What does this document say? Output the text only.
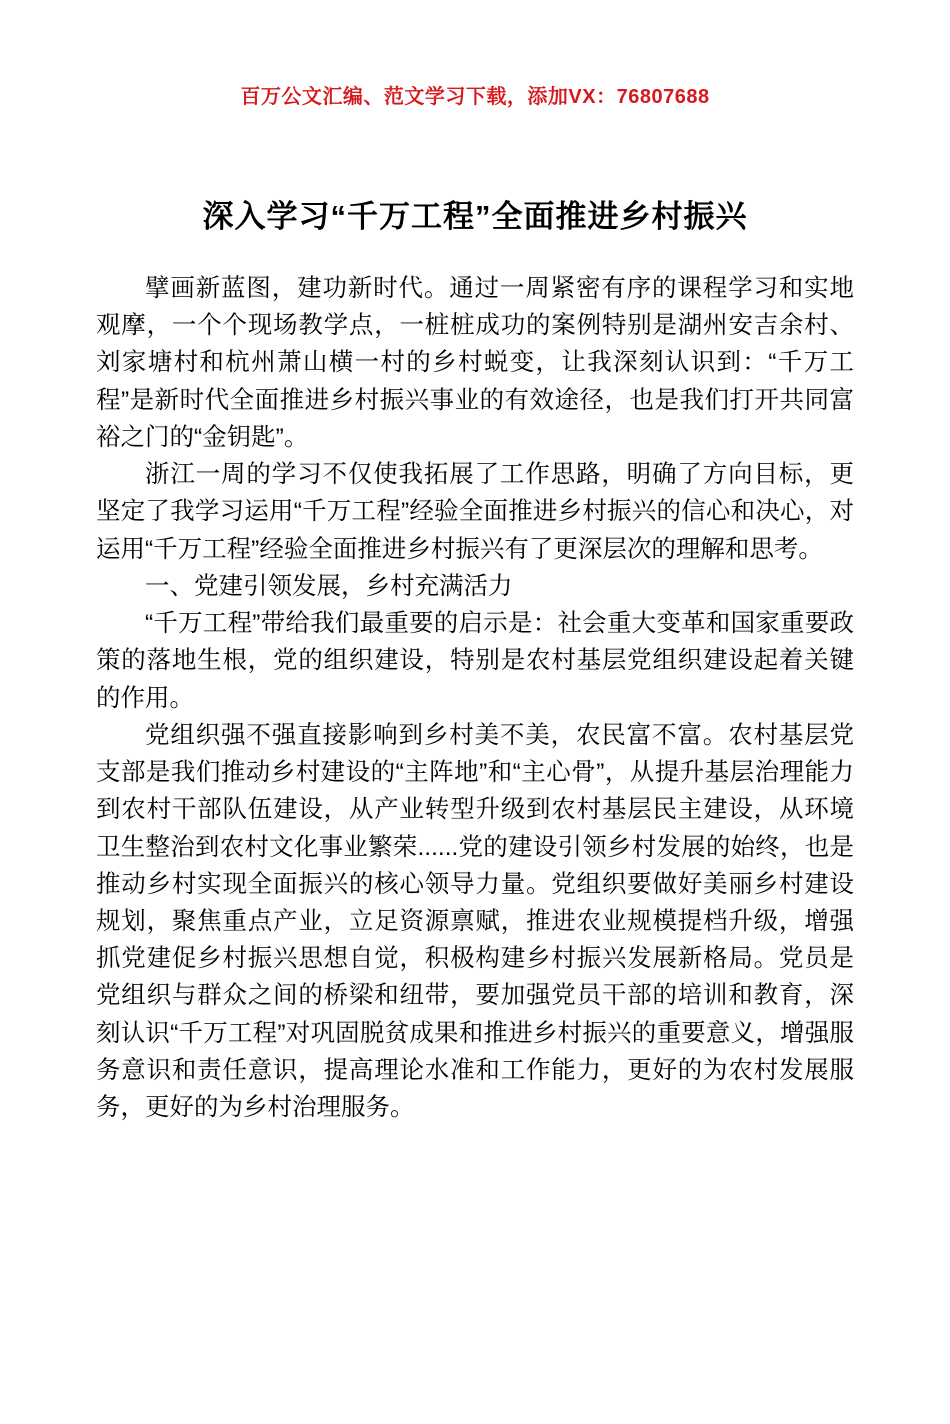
百万公文汇编、范文学习下载，添加VX：76807688
深入学习“千万工程”全面推进乡村振兴

擘画新蓝图，建功新时代。通过一周紧密有序的课程学习和实地观摩，一个个现场教学点，一桩桩成功的案例特别是湖州安吉余村、刘家塘村和杭州萧山横一村的乡村蜕变，让我深刻认识到：“千万工程”是新时代全面推进乡村振兴事业的有效途径，也是我们打开共同富裕之门的“金钥匙”。

浙江一周的学习不仅使我拓展了工作思路，明确了方向目标，更坚定了我学习运用“千万工程”经验全面推进乡村振兴的信心和决心，对运用“千万工程”经验全面推进乡村振兴有了更深层次的理解和思考。

一、党建引领发展，乡村充满活力

“千万工程”带给我们最重要的启示是：社会重大变革和国家重要政策的落地生根，党的组织建设，特别是农村基层党组织建设起着关键的作用。

党组织强不强直接影响到乡村美不美，农民富不富。农村基层党支部是我们推动乡村建设的“主阵地”和“主心骨”，从提升基层治理能力到农村干部队伍建设，从产业转型升级到农村基层民主建设，从环境卫生整治到农村文化事业繁荣......党的建设引领乡村发展的始终，也是推动乡村实现全面振兴的核心领导力量。党组织要做好美丽乡村建设规划，聚焦重点产业，立足资源禀赋，推进农业规模提档升级，增强抓党建促乡村振兴思想自觉，积极构建乡村振兴发展新格局。党员是党组织与群众之间的桥梁和纽带，要加强党员干部的培训和教育，深刻认识“千万工程”对巩固脱贫成果和推进乡村振兴的重要意义，增强服务意识和责任意识，提高理论水准和工作能力，更好的为农村发展服务，更好的为乡村治理服务。
